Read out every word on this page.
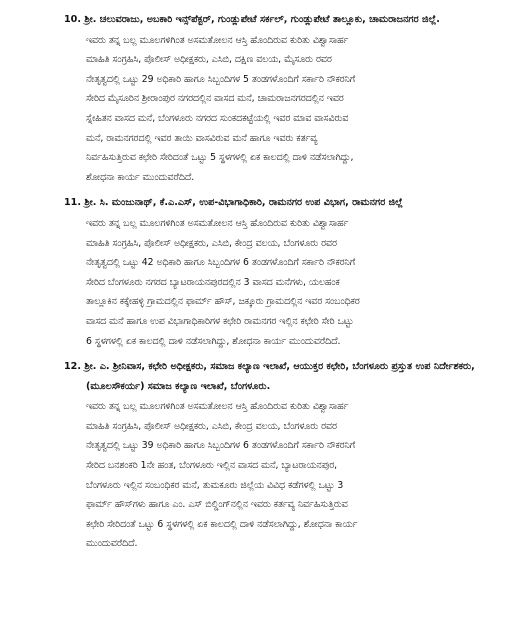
10. ಶ್ರೀ. ಚಲುವರಾಜು, ಅಬಕಾರಿ ಇನ್ಸ್‌ಪೆಕ್ಟರ್, ಗುಂಡ್ಲುಪೇಟೆ ಸರ್ಕಲ್, ಗುಂಡ್ಲುಪೇಟೆ ತಾಲ್ಲೂಕು, ಚಾಮರಾಜನಗರ ಜಿಲ್ಲೆ.
ಇವರು ತನ್ನ ಬಲ್ಲ ಮೂಲಗಳಿಗಿಂತ ಅಸಮತೋಲನ ಆಸ್ತಿ ಹೊಂದಿರುವ ಕುರಿತು ವಿಶ್ವಾಸಾರ್ಹ
ಮಾಹಿತಿ ಸಂಗ್ರಹಿಸಿ, ಪೊಲೀಸ್ ಅಧೀಕ್ಷಕರು, ಎಸಿಬಿ, ದಕ್ಷಿಣ ವಲಯ, ಮೈಸೂರು ರವರ
ನೇತೃತ್ವದಲ್ಲಿ ಒಟ್ಟು 29 ಅಧಿಕಾರಿ ಹಾಗೂ ಸಿಬ್ಬಂದಿಗಳ 5 ತಂಡಗಳೊಂದಿಗೆ ಸರ್ಕಾರಿ ನೌಕರನಿಗೆ
ಸೇರಿದ ಮೈಸೂರಿನ ಶ್ರೀರಾಂಪುರ ನಗರದಲ್ಲಿನ ವಾಸದ ಮನೆ, ಚಾಮರಾಜನಗರದಲ್ಲಿನ ಇವರ
ಸ್ನೇಹಿತನ ವಾಸದ ಮನೆ, ಬೆಂಗಳೂರು ನಗರದ ಸುಂಕದಕಟ್ಟೆಯಲ್ಲಿ ಇವರ ಮಾವ ವಾಸವಿರುವ
ಮನೆ, ರಾಮನಗರದಲ್ಲಿ ಇವರ ತಾಯಿ ವಾಸವಿರುವ ಮನೆ ಹಾಗೂ ಇವರು ಕರ್ತವ್ಯ
ನಿರ್ವಹಿಸುತ್ತಿರುವ ಕಛೇರಿ ಸೇರಿದಂತೆ ಒಟ್ಟು 5 ಸ್ಥಳಗಳಲ್ಲಿ ಏಕ ಕಾಲದಲ್ಲಿ ದಾಳಿ ನಡೆಸಲಾಗಿದ್ದು,
ಶೋಧನಾ ಕಾರ್ಯ ಮುಂದುವರೆದಿದೆ.
11. ಶ್ರೀ. ಸಿ. ಮಂಜುನಾಥ್, ಕೆ.ಎ.ಎಸ್, ಉಪ-ವಿಭಾಗಾಧಿಕಾರಿ, ರಾಮನಗರ ಉಪ ವಿಭಾಗ, ರಾಮನಗರ ಜಿಲ್ಲೆ
ಇವರು ತನ್ನ ಬಲ್ಲ ಮೂಲಗಳಿಗಿಂತ ಅಸಮತೋಲನ ಆಸ್ತಿ ಹೊಂದಿರುವ ಕುರಿತು ವಿಶ್ವಾಸಾರ್ಹ
ಮಾಹಿತಿ ಸಂಗ್ರಹಿಸಿ, ಪೊಲೀಸ್ ಅಧೀಕ್ಷಕರು, ಎಸಿಬಿ, ಕೇಂದ್ರ ವಲಯ, ಬೆಂಗಳೂರು ರವರ
ನೇತೃತ್ವದಲ್ಲಿ ಒಟ್ಟು 42 ಅಧಿಕಾರಿ ಹಾಗೂ ಸಿಬ್ಬಂದಿಗಳ 6 ತಂಡಗಳೊಂದಿಗೆ ಸರ್ಕಾರಿ ನೌಕರನಿಗೆ
ಸೇರಿದ ಬೆಂಗಳೂರು ನಗರದ ಬ್ಯಾಟರಾಯನಪುರದಲ್ಲಿನ 3 ವಾಸದ ಮನೆಗಳು, ಯಲಹಂಕ
ತಾಲ್ಲೂಕಿನ ಕಕ್ಕೇಹಳ್ಳಿ ಗ್ರಾಮದಲ್ಲಿನ ಫಾರ್ಮ್ ಹೌಸ್, ಜಕ್ಕೂರು ಗ್ರಾಮದಲ್ಲಿನ ಇವರ ಸಂಬಂಧಿಕರ
ವಾಸದ ಮನೆ ಹಾಗೂ ಉಪ ವಿಭಾಗಾಧಿಕಾರಿಗಳ ಕಛೇರಿ ರಾಮನಗರ ಇಲ್ಲಿನ ಕಛೇರಿ ಸೇರಿ ಒಟ್ಟು
6 ಸ್ಥಳಗಳಲ್ಲಿ ಏಕ ಕಾಲದಲ್ಲಿ ದಾಳಿ ನಡೆಸಲಾಗಿದ್ದು, ಶೋಧನಾ ಕಾರ್ಯ ಮುಂದುವರೆದಿದೆ.
12. ಶ್ರೀ. ಎ. ಶ್ರೀನಿವಾಸ, ಕಛೇರಿ ಅಧೀಕ್ಷಕರು, ಸಮಾಜ ಕಲ್ಯಾಣ ಇಲಾಖೆ, ಆಯುಕ್ತರ ಕಛೇರಿ, ಬೆಂಗಳೂರು ಪ್ರಸ್ತುತ ಉಪ ನಿರ್ದೇಶಕರು, (ಮೂಲಸೌಕರ್ಯ) ಸಮಾಜ ಕಲ್ಯಾಣ ಇಲಾಖೆ, ಬೆಂಗಳೂರು.
ಇವರು ತನ್ನ ಬಲ್ಲ ಮೂಲಗಳಿಗಿಂತ ಅಸಮತೋಲನ ಆಸ್ತಿ ಹೊಂದಿರುವ ಕುರಿತು ವಿಶ್ವಾಸಾರ್ಹ
ಮಾಹಿತಿ ಸಂಗ್ರಹಿಸಿ, ಪೊಲೀಸ್ ಅಧೀಕ್ಷಕರು, ಎಸಿಬಿ, ಕೇಂದ್ರ ವಲಯ, ಬೆಂಗಳೂರು ರವರ
ನೇತೃತ್ವದಲ್ಲಿ ಒಟ್ಟು 39 ಅಧಿಕಾರಿ ಹಾಗೂ ಸಿಬ್ಬಂದಿಗಳ 6 ತಂಡಗಳೊಂದಿಗೆ ಸರ್ಕಾರಿ ನೌಕರನಿಗೆ
ಸೇರಿದ ಬನಶಂಕರಿ 1ನೇ ಹಂತ, ಬೆಂಗಳೂರು ಇಲ್ಲಿನ ವಾಸದ ಮನೆ, ಬ್ಯಾಟರಾಯನಪುರ,
ಬೆಂಗಳೂರು ಇಲ್ಲಿನ ಸಂಬಂಧಿಕರ ಮನೆ, ತುಮಕೂರು ಜಿಲ್ಲೆಯ ವಿವಿಧ ಕಡೆಗಳಲ್ಲಿ ಒಟ್ಟು 3
ಫಾರ್ಮ್ ಹೌಸ್‌ಗಳು ಹಾಗೂ ಎಂ. ಎಸ್ ಬಿಲ್ಡಿಂಗ್‌ನಲ್ಲಿನ ಇವರು ಕರ್ತವ್ಯ ನಿರ್ವಹಿಸುತ್ತಿರುವ
ಕಛೇರಿ ಸೇರಿದಂತೆ ಒಟ್ಟು 6 ಸ್ಥಳಗಳಲ್ಲಿ ಏಕ ಕಾಲದಲ್ಲಿ ದಾಳಿ ನಡೆಸಲಾಗಿದ್ದು, ಶೋಧನಾ ಕಾರ್ಯ
ಮುಂದುವರೆದಿದೆ.
